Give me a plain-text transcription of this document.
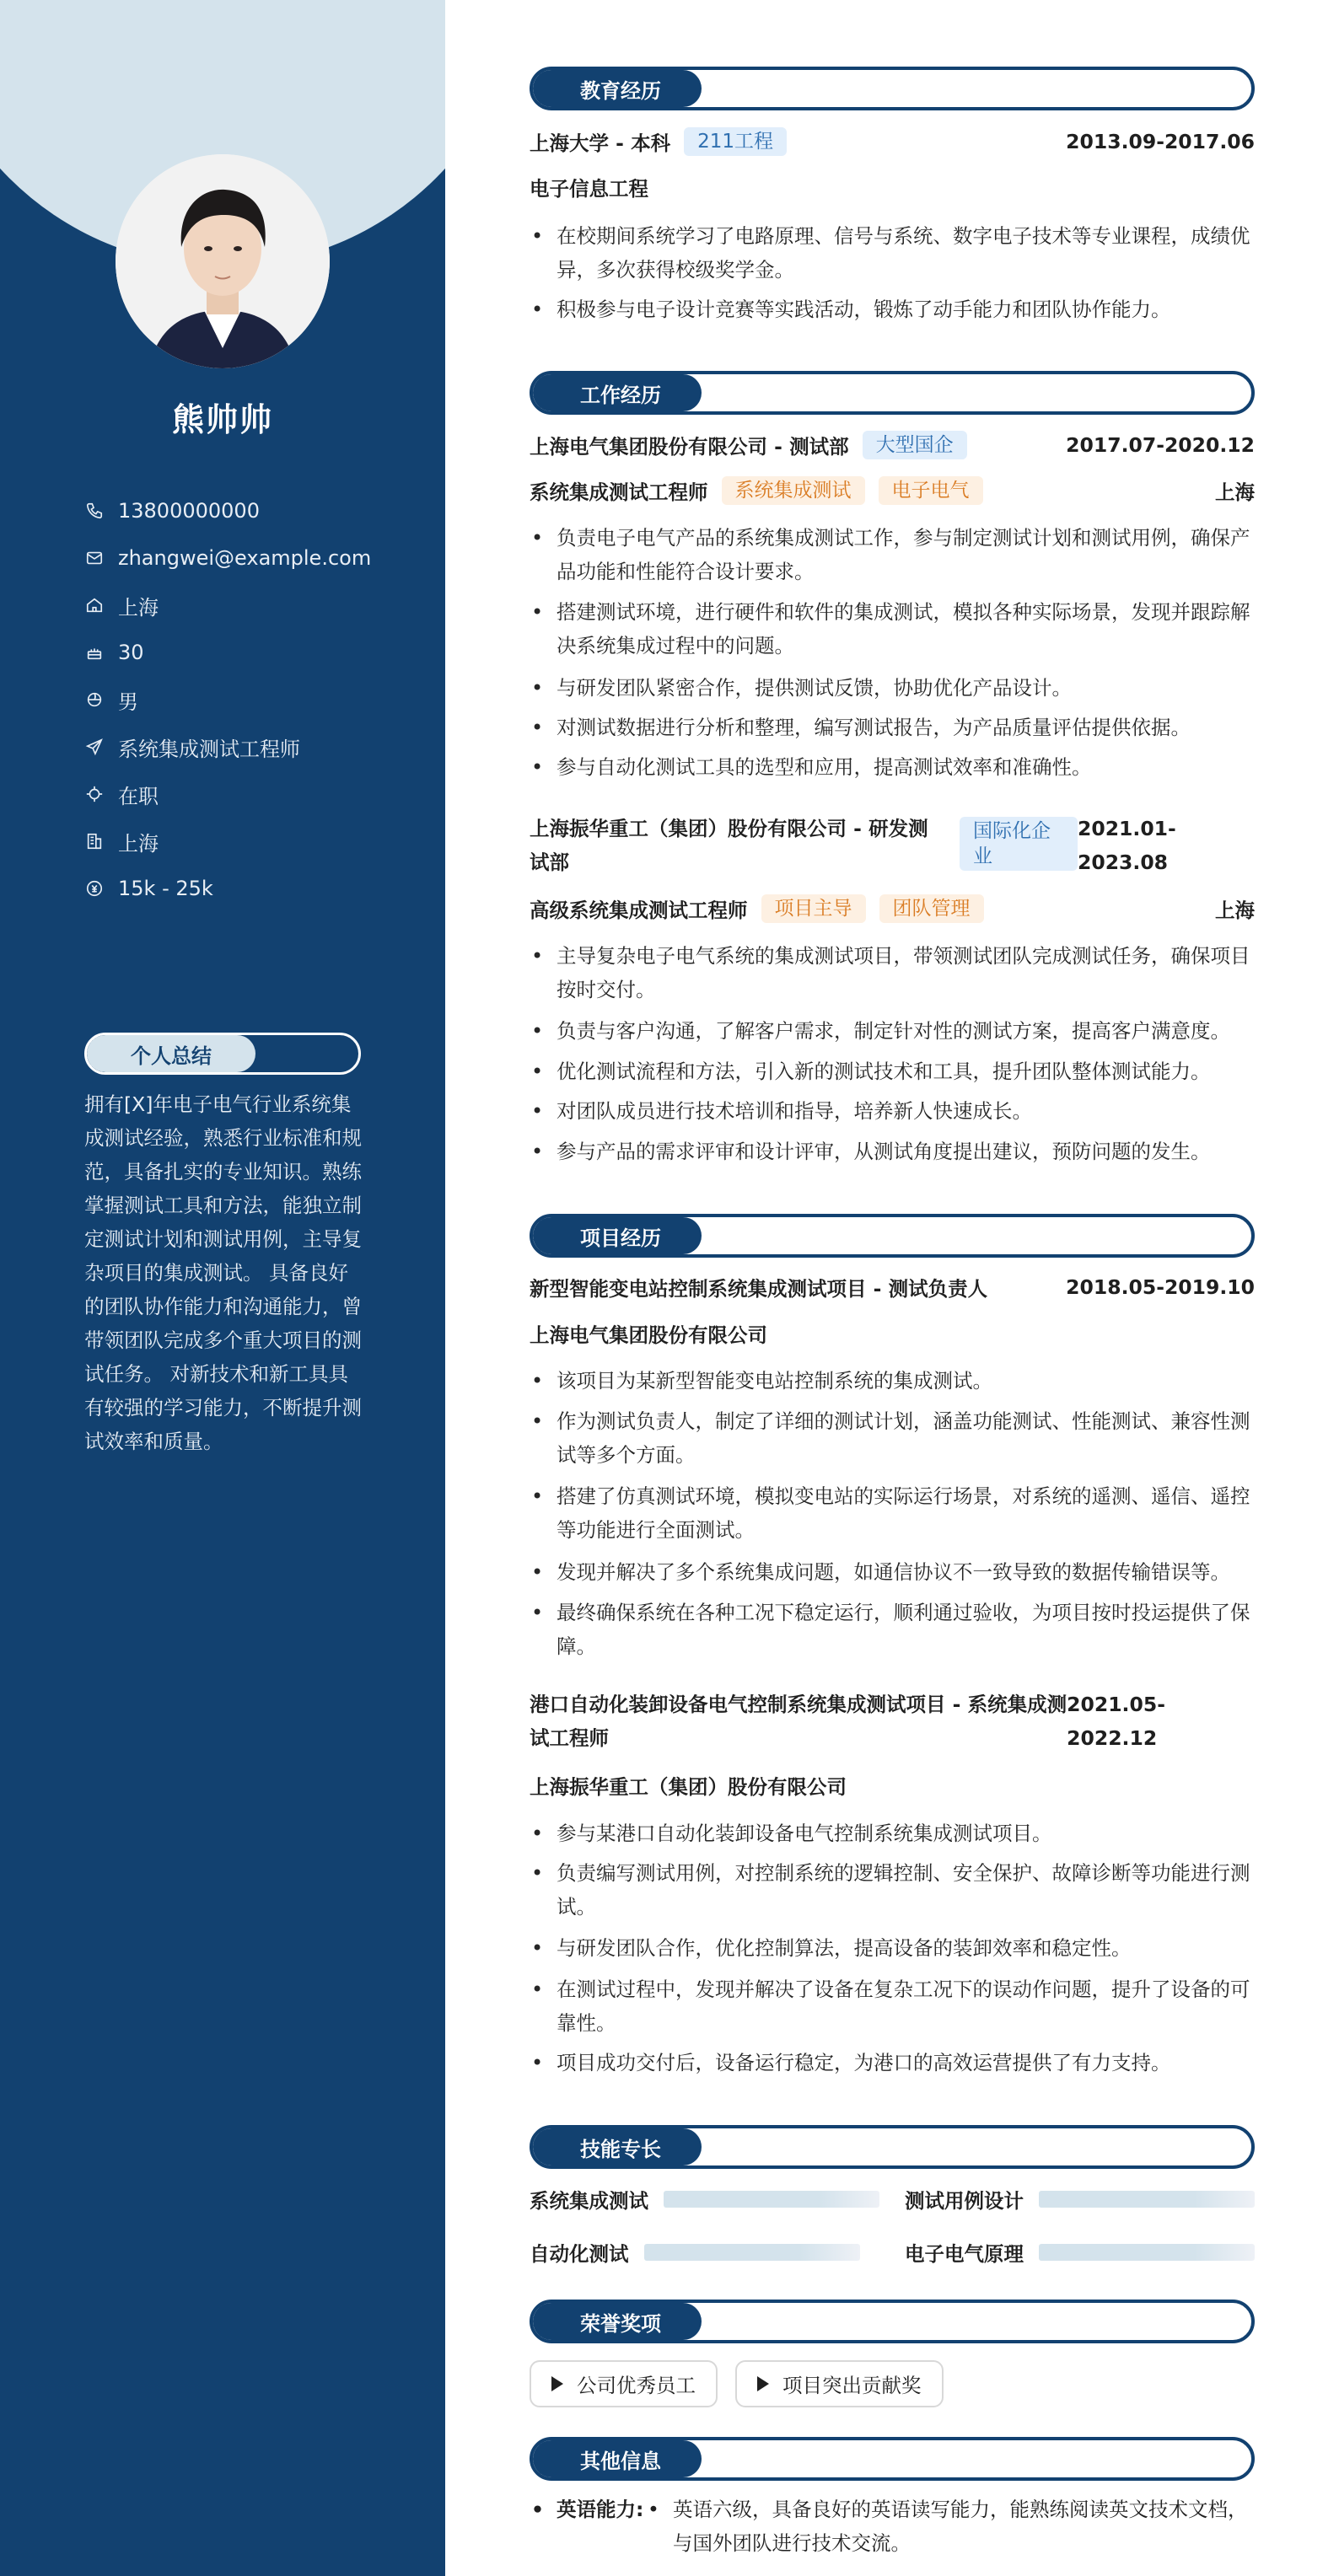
熊帅帅
13800000000
zhangwei@example.com
上海
30
男
系统集成测试工程师
在职
上海
15k - 25k
个人总结
拥有[X]年电子电气行业系统集成测试经验，熟悉行业标准和规范，具备扎实的专业知识。熟练掌握测试工具和方法，能独立制定测试计划和测试用例，主导复杂项目的集成测试。 具备良好的团队协作能力和沟通能力，曾带领团队完成多个重大项目的测试任务。 对新技术和新工具具有较强的学习能力，不断提升测试效率和质量。
教育经历
上海大学 - 本科	211工程	2013.09-2017.06
电子信息工程
• 在校期间系统学习了电路原理、信号与系统、数字电子技术等专业课程，成绩优异，多次获得校级奖学金。
• 积极参与电子设计竞赛等实践活动，锻炼了动手能力和团队协作能力。
工作经历
上海电气集团股份有限公司 - 测试部	大型国企	2017.07-2020.12
系统集成测试工程师	系统集成测试	电子电气	上海
• 负责电子电气产品的系统集成测试工作，参与制定测试计划和测试用例，确保产品功能和性能符合设计要求。
• 搭建测试环境，进行硬件和软件的集成测试，模拟各种实际场景，发现并跟踪解决系统集成过程中的问题。
• 与研发团队紧密合作，提供测试反馈，协助优化产品设计。
• 对测试数据进行分析和整理，编写测试报告，为产品质量评估提供依据。
• 参与自动化测试工具的选型和应用，提高测试效率和准确性。
上海振华重工（集团）股份有限公司 - 研发测试部
国际化企业
2021.01-2023.08
高级系统集成测试工程师	项目主导	团队管理	上海
• 主导复杂电子电气系统的集成测试项目，带领测试团队完成测试任务，确保项目按时交付。
• 负责与客户沟通，了解客户需求，制定针对性的测试方案，提高客户满意度。
• 优化测试流程和方法，引入新的测试技术和工具，提升团队整体测试能力。
• 对团队成员进行技术培训和指导，培养新人快速成长。
• 参与产品的需求评审和设计评审，从测试角度提出建议，预防问题的发生。
项目经历
新型智能变电站控制系统集成测试项目 - 测试负责人	2018.05-2019.10
上海电气集团股份有限公司
• 该项目为某新型智能变电站控制系统的集成测试。
• 作为测试负责人，制定了详细的测试计划，涵盖功能测试、性能测试、兼容性测试等多个方面。
• 搭建了仿真测试环境，模拟变电站的实际运行场景，对系统的遥测、遥信、遥控等功能进行全面测试。
• 发现并解决了多个系统集成问题，如通信协议不一致导致的数据传输错误等。
• 最终确保系统在各种工况下稳定运行，顺利通过验收，为项目按时投运提供了保障。
港口自动化装卸设备电气控制系统集成测试项目 - 系统集成测试工程师
2021.05-2022.12
上海振华重工（集团）股份有限公司
• 参与某港口自动化装卸设备电气控制系统集成测试项目。
• 负责编写测试用例，对控制系统的逻辑控制、安全保护、故障诊断等功能进行测试。
• 与研发团队合作，优化控制算法，提高设备的装卸效率和稳定性。
• 在测试过程中，发现并解决了设备在复杂工况下的误动作问题，提升了设备的可靠性。
• 项目成功交付后，设备运行稳定，为港口的高效运营提供了有力支持。
技能专长
系统集成测试	测试用例设计
自动化测试	电子电气原理
荣誉奖项
公司优秀员工	项目突出贡献奖
其他信息
• 英语能力:
•	英语六级，具备良好的英语读写能力，能熟练阅读英文技术文档，与国外团队进行技术交流。
